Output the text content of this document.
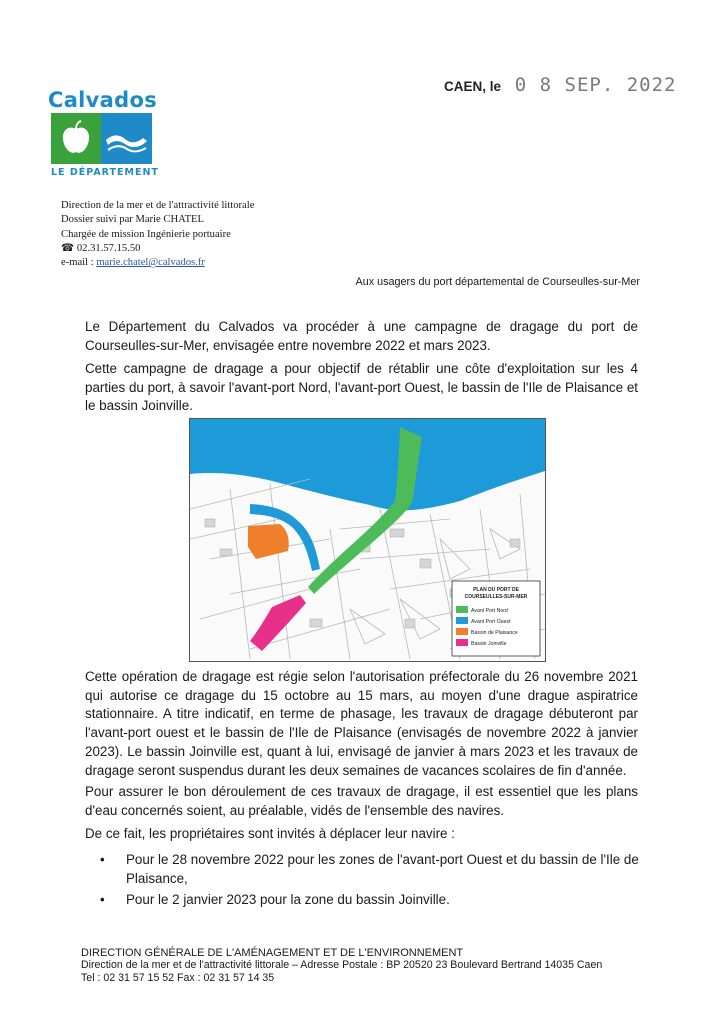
Calvados
LE DÉPARTEMENT
CAEN, le 0 8 SEP. 2022
Direction de la mer et de l'attractivité littorale
Dossier suivi par Marie CHATEL
Chargée de mission Ingénierie portuaire
☎ 02.31.57.15.50
e-mail : marie.chatel@calvados.fr
Aux usagers du port départemental de Courseulles-sur-Mer
Le Département du Calvados va procéder à une campagne de dragage du port de Courseulles-sur-Mer, envisagée entre novembre 2022 et mars 2023.
Cette campagne de dragage a pour objectif de rétablir une côte d'exploitation sur les 4 parties du port, à savoir l'avant-port Nord, l'avant-port Ouest, le bassin de l'Ile de Plaisance et le bassin Joinville.
PLAN DU PORT DE
COURSEULLES-SUR-MER
Avant Port Nord
Avant Port Ouest
Bassin de Plaisance
Bassin Joinville
Cette opération de dragage est régie selon l'autorisation préfectorale du 26 novembre 2021 qui autorise ce dragage du 15 octobre au 15 mars, au moyen d'une drague aspiratrice stationnaire. A titre indicatif, en terme de phasage, les travaux de dragage débuteront par l'avant-port ouest et le bassin de l'Ile de Plaisance (envisagés de novembre 2022 à janvier 2023). Le bassin Joinville est, quant à lui, envisagé de janvier à mars 2023 et les travaux de dragage seront suspendus durant les deux semaines de vacances scolaires de fin d'année.
Pour assurer le bon déroulement de ces travaux de dragage, il est essentiel que les plans d'eau concernés soient, au préalable, vidés de l'ensemble des navires.
De ce fait, les propriétaires sont invités à déplacer leur navire :
• Pour le 28 novembre 2022 pour les zones de l'avant-port Ouest et du bassin de l'Ile de Plaisance,
• Pour le 2 janvier 2023 pour la zone du bassin Joinville.
DIRECTION GÉNÉRALE DE L'AMÉNAGEMENT ET DE L'ENVIRONNEMENT
Direction de la mer et de l'attractivité littorale – Adresse Postale : BP 20520 23 Boulevard Bertrand 14035 Caen
Tel : 02 31 57 15 52 Fax : 02 31 57 14 35
